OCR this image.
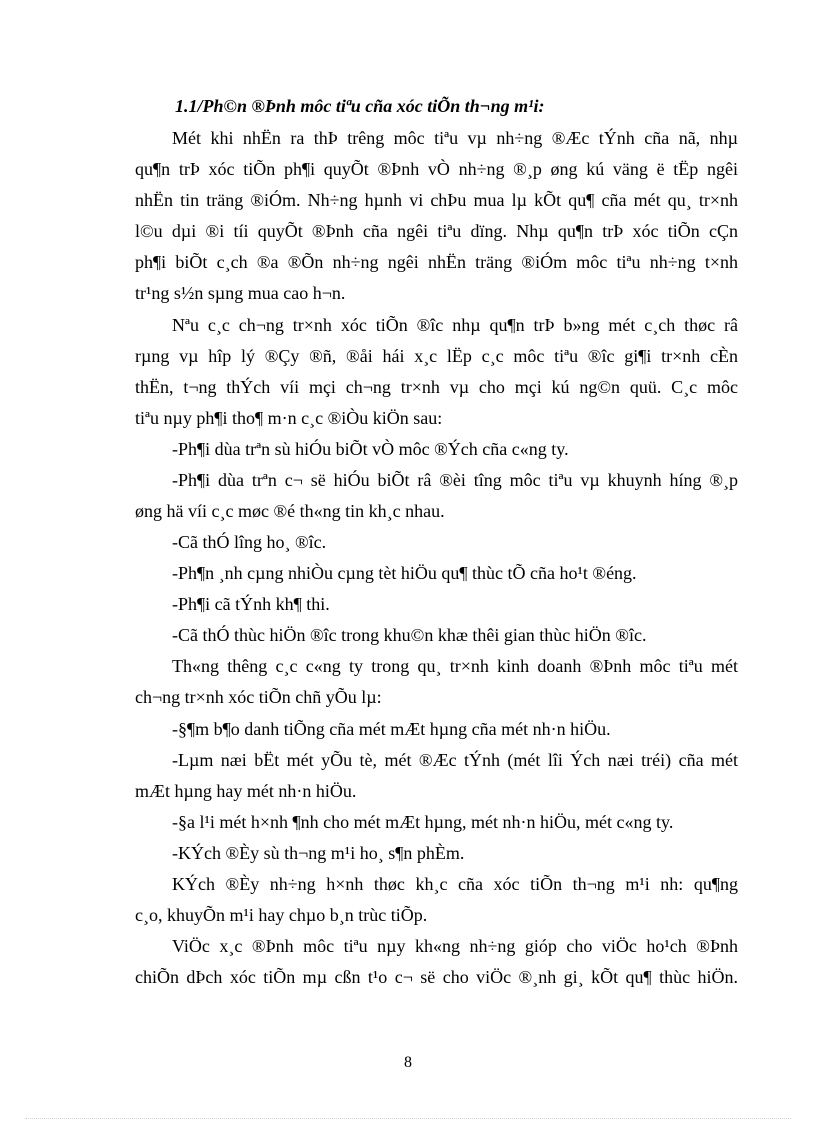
1.1/Ph©n ®Þnh môc tiªu cña xóc tiÕn th¬ng m¹i:

Mét khi nhËn ra thÞ trêng môc tiªu vµ nh÷ng ®Æc tÝnh cña nã, nhµ

qu¶n trÞ xóc tiÕn ph¶i quyÕt ®Þnh vÒ nh÷ng ®¸p øng kú väng ë tËp ngêi

nhËn tin träng ®iÓm. Nh÷ng hµnh vi chÞu mua lµ kÕt qu¶ cña mét qu¸ tr×nh

l©u dµi ®i tíi quyÕt ®Þnh cña ngêi tiªu dïng. Nhµ qu¶n trÞ xóc tiÕn cÇn

ph¶i biÕt c¸ch ®a ®Õn nh÷ng ngêi nhËn träng ®iÓm môc tiªu nh÷ng t×nh

tr¹ng s½n sµng mua cao h¬n.

Nªu c¸c ch¬ng tr×nh xóc tiÕn ®îc nhµ qu¶n trÞ b»ng mét c¸ch thøc râ

rµng vµ hîp lý ®Çy ®ñ, ®åi hái x¸c lËp c¸c môc tiªu ®îc gi¶i tr×nh cÈn

thËn, t¬ng thÝch víi mçi ch¬ng tr×nh vµ cho mçi kú ng©n quü. C¸c môc

tiªu nµy ph¶i tho¶ m·n c¸c ®iÒu kiÖn sau:

-Ph¶i dùa trªn sù hiÓu biÕt vÒ môc ®Ých cña c«ng ty.

-Ph¶i dùa trªn c¬ së hiÓu biÕt râ ®èi tîng môc tiªu vµ khuynh híng ®¸p

øng hä víi c¸c møc ®é th«ng tin kh¸c nhau.

-Cã thÓ lîng ho¸ ®îc.

-Ph¶n ¸nh cµng nhiÒu cµng tèt hiÖu qu¶ thùc tÕ cña ho¹t ®éng.

-Ph¶i cã tÝnh kh¶ thi.

-Cã thÓ thùc hiÖn ®îc trong khu©n khæ thêi gian thùc hiÖn ®îc.

Th«ng thêng c¸c c«ng ty trong qu¸ tr×nh kinh doanh ®Þnh môc tiªu mét

ch¬ng tr×nh xóc tiÕn chñ yÕu lµ:

-§¶m b¶o danh tiÕng cña mét mÆt hµng cña mét nh·n hiÖu.

-Lµm næi bËt mét yÕu tè, mét ®Æc tÝnh (mét lîi Ých næi tréi) cña mét

mÆt hµng hay mét nh·n hiÖu.

-§a l¹i mét h×nh ¶nh cho mét mÆt hµng, mét nh·n hiÖu, mét c«ng ty.

-KÝch ®Èy sù th¬ng m¹i ho¸ s¶n phÈm.

KÝch ®Èy nh÷ng h×nh thøc kh¸c cña xóc tiÕn th¬ng m¹i nh: qu¶ng

c¸o, khuyÕn m¹i hay chµo b¸n trùc tiÕp.

ViÖc x¸c ®Þnh môc tiªu nµy kh«ng nh÷ng gióp cho viÖc ho¹ch ®Þnh

chiÕn dÞch xóc tiÕn mµ cßn t¹o c¬ së cho viÖc ®¸nh gi¸ kÕt qu¶ thùc hiÖn.

8
